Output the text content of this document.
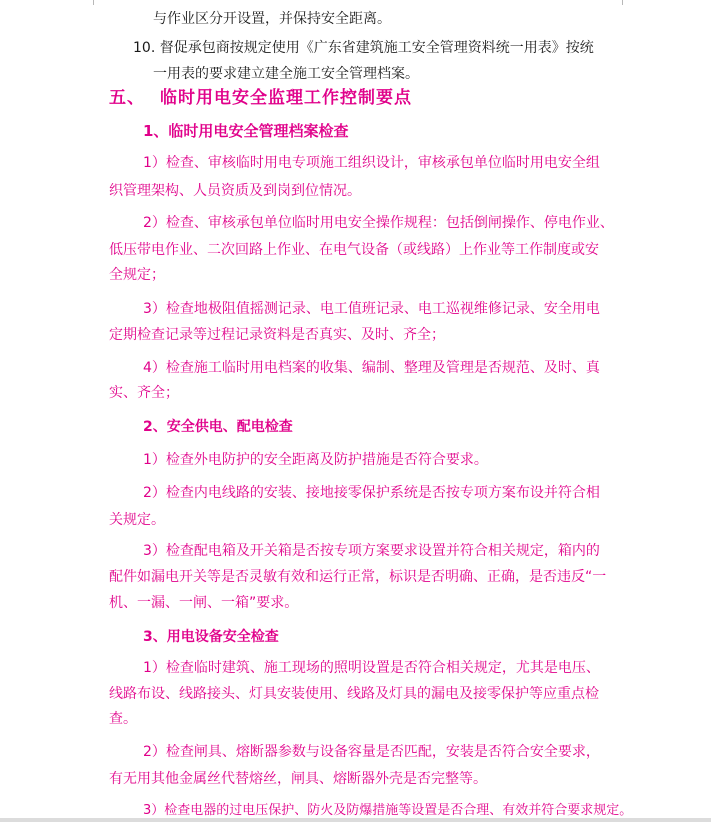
与作业区分开设置，并保持安全距离。
10. 督促承包商按规定使用《广东省建筑施工安全管理资料统一用表》按统
一用表的要求建立建全施工安全管理档案。
五、 临时用电安全监理工作控制要点
1、临时用电安全管理档案检查
1）检查、审核临时用电专项施工组织设计，审核承包单位临时用电安全组
织管理架构、人员资质及到岗到位情况。
2）检查、审核承包单位临时用电安全操作规程：包括倒闸操作、停电作业、
低压带电作业、二次回路上作业、在电气设备（或线路）上作业等工作制度或安
全规定；
3）检查地极阻值摇测记录、电工值班记录、电工巡视维修记录、安全用电
定期检查记录等过程记录资料是否真实、及时、齐全；
4）检查施工临时用电档案的收集、编制、整理及管理是否规范、及时、真
实、齐全；
2、安全供电、配电检查
1）检查外电防护的安全距离及防护措施是否符合要求。
2）检查内电线路的安装、接地接零保护系统是否按专项方案布设并符合相
关规定。
3）检查配电箱及开关箱是否按专项方案要求设置并符合相关规定，箱内的
配件如漏电开关等是否灵敏有效和运行正常，标识是否明确、正确，是否违反“一
机、一漏、一闸、一箱”要求。
3、用电设备安全检查
1）检查临时建筑、施工现场的照明设置是否符合相关规定，尤其是电压、
线路布设、线路接头、灯具安装使用、线路及灯具的漏电及接零保护等应重点检
查。
2）检查闸具、熔断器参数与设备容量是否匹配，安装是否符合安全要求，
有无用其他金属丝代替熔丝，闸具、熔断器外壳是否完整等。
3）检查电器的过电压保护、防火及防爆措施等设置是否合理、有效并符合要求规定。
